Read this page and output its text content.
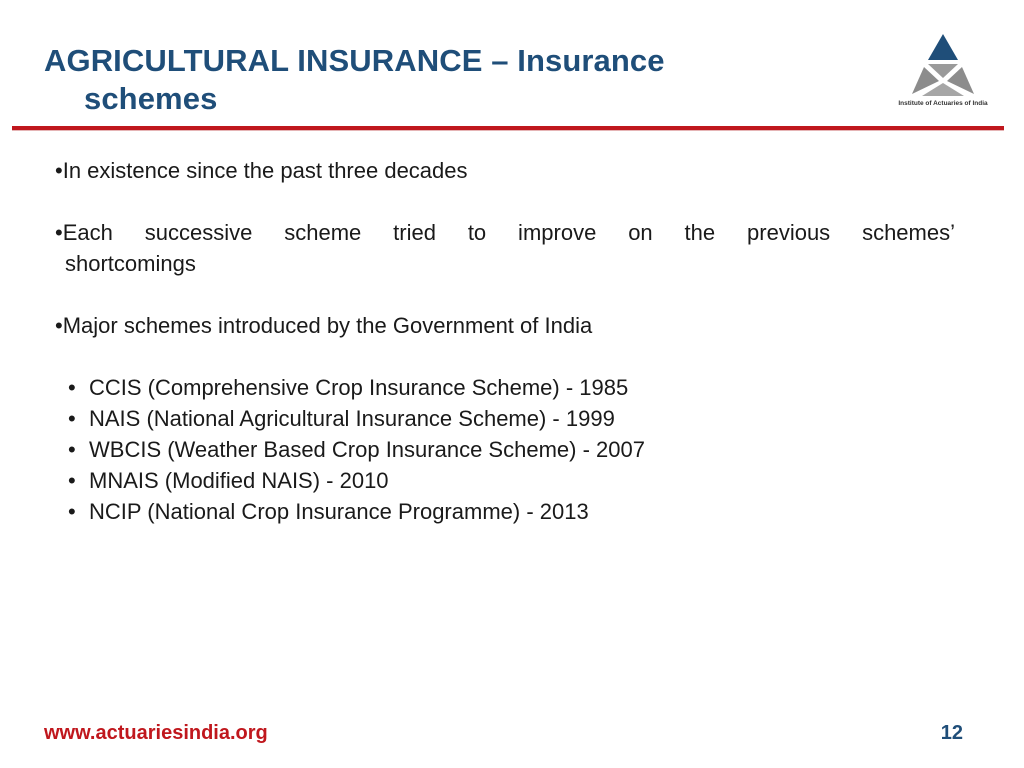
AGRICULTURAL INSURANCE – Insurance
schemes	Institute of Actuaries of India

•In existence since the past three decades

•Each successive scheme tried to improve on the previous schemes’
shortcomings

•Major schemes introduced by the Government of India

• CCIS (Comprehensive Crop Insurance Scheme) - 1985
• NAIS (National Agricultural Insurance Scheme) - 1999
• WBCIS (Weather Based Crop Insurance Scheme) - 2007
• MNAIS (Modified NAIS) - 2010
• NCIP (National Crop Insurance Programme) - 2013
www.actuariesindia.org	12
